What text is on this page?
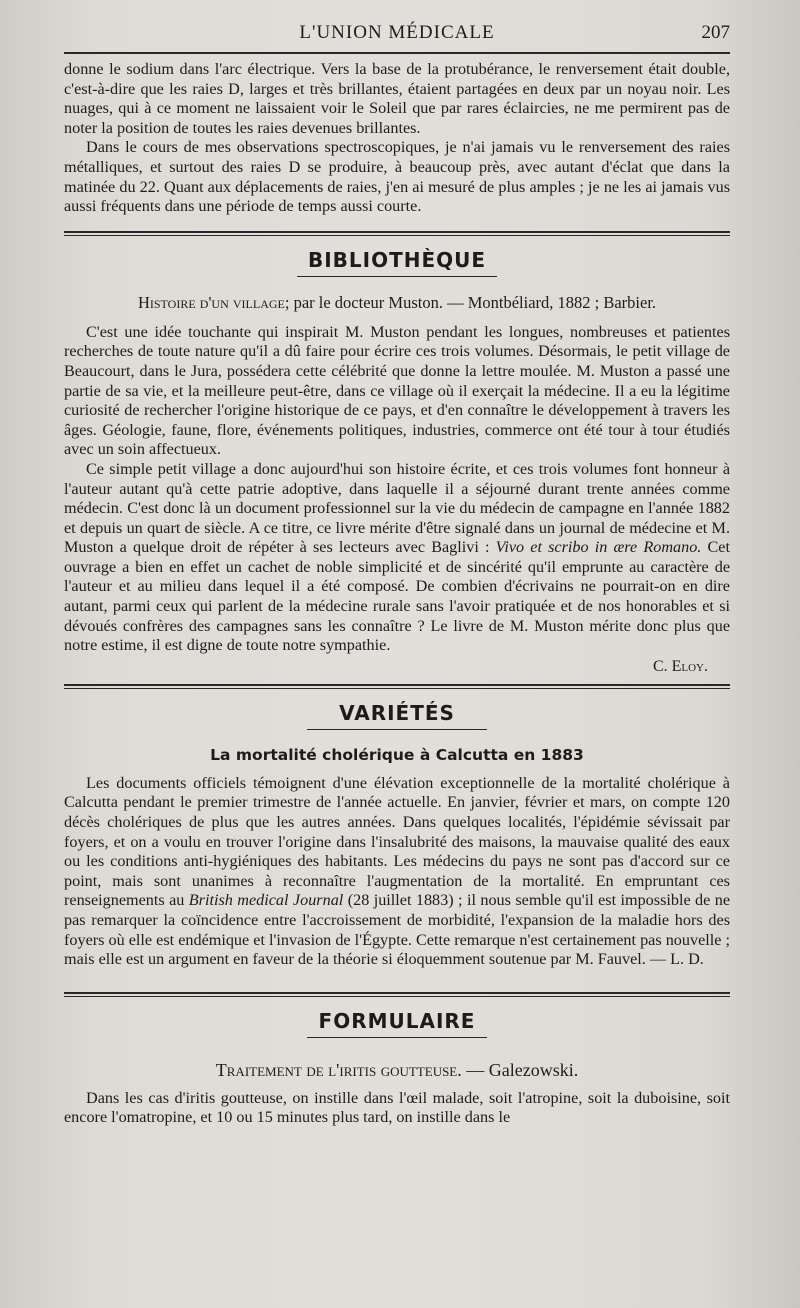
L'UNION MÉDICALE	207

donne le sodium dans l'arc électrique. Vers la base de la protubérance, le renversement était double, c'est-à-dire que les raies D, larges et très brillantes, étaient partagées en deux par un noyau noir. Les nuages, qui à ce moment ne laissaient voir le Soleil que par rares éclaircies, ne me permirent pas de noter la position de toutes les raies devenues brillantes.

Dans le cours de mes observations spectroscopiques, je n'ai jamais vu le renversement des raies métalliques, et surtout des raies D se produire, à beaucoup près, avec autant d'éclat que dans la matinée du 22. Quant aux déplacements de raies, j'en ai mesuré de plus amples ; je ne les ai jamais vus aussi fréquents dans une période de temps aussi courte.

BIBLIOTHÈQUE
Histoire d'un village; par le docteur Muston. — Montbéliard, 1882 ; Barbier.

C'est une idée touchante qui inspirait M. Muston pendant les longues, nombreuses et patientes recherches de toute nature qu'il a dû faire pour écrire ces trois volumes. Désormais, le petit village de Beaucourt, dans le Jura, possédera cette célébrité que donne la lettre moulée. M. Muston a passé une partie de sa vie, et la meilleure peut-être, dans ce village où il exerçait la médecine. Il a eu la légitime curiosité de rechercher l'origine historique de ce pays, et d'en connaître le développement à travers les âges. Géologie, faune, flore, événements politiques, industries, commerce ont été tour à tour étudiés avec un soin affectueux.

Ce simple petit village a donc aujourd'hui son histoire écrite, et ces trois volumes font honneur à l'auteur autant qu'à cette patrie adoptive, dans laquelle il a séjourné durant trente années comme médecin. C'est donc là un document professionnel sur la vie du médecin de campagne en l'année 1882 et depuis un quart de siècle. A ce titre, ce livre mérite d'être signalé dans un journal de médecine et M. Muston a quelque droit de répéter à ses lecteurs avec Baglivi : Vivo et scribo in ære Romano. Cet ouvrage a bien en effet un cachet de noble simplicité et de sincérité qu'il emprunte au caractère de l'auteur et au milieu dans lequel il a été composé. De combien d'écrivains ne pourrait-on en dire autant, parmi ceux qui parlent de la médecine rurale sans l'avoir pratiquée et de nos honorables et si dévoués confrères des campagnes sans les connaître ? Le livre de M. Muston mérite donc plus que notre estime, il est digne de toute notre sympathie.

C. Eloy.
VARIÉTÉS
La mortalité cholérique à Calcutta en 1883

Les documents officiels témoignent d'une élévation exceptionnelle de la mortalité cholérique à Calcutta pendant le premier trimestre de l'année actuelle. En janvier, février et mars, on compte 120 décès cholériques de plus que les autres années. Dans quelques localités, l'épidémie sévissait par foyers, et on a voulu en trouver l'origine dans l'insalubrité des maisons, la mauvaise qualité des eaux ou les conditions anti-hygiéniques des habitants. Les médecins du pays ne sont pas d'accord sur ce point, mais sont unanimes à reconnaître l'augmentation de la mortalité. En empruntant ces renseignements au British medical Journal (28 juillet 1883) ; il nous semble qu'il est impossible de ne pas remarquer la coïncidence entre l'accroissement de morbidité, l'expansion de la maladie hors des foyers où elle est endémique et l'invasion de l'Égypte. Cette remarque n'est certainement pas nouvelle ; mais elle est un argument en faveur de la théorie si éloquemment soutenue par M. Fauvel. — L. D.

FORMULAIRE
Traitement de l'iritis goutteuse. — Galezowski.

Dans les cas d'iritis goutteuse, on instille dans l'œil malade, soit l'atropine, soit la duboisine, soit encore l'omatropine, et 10 ou 15 minutes plus tard, on instille dans le
